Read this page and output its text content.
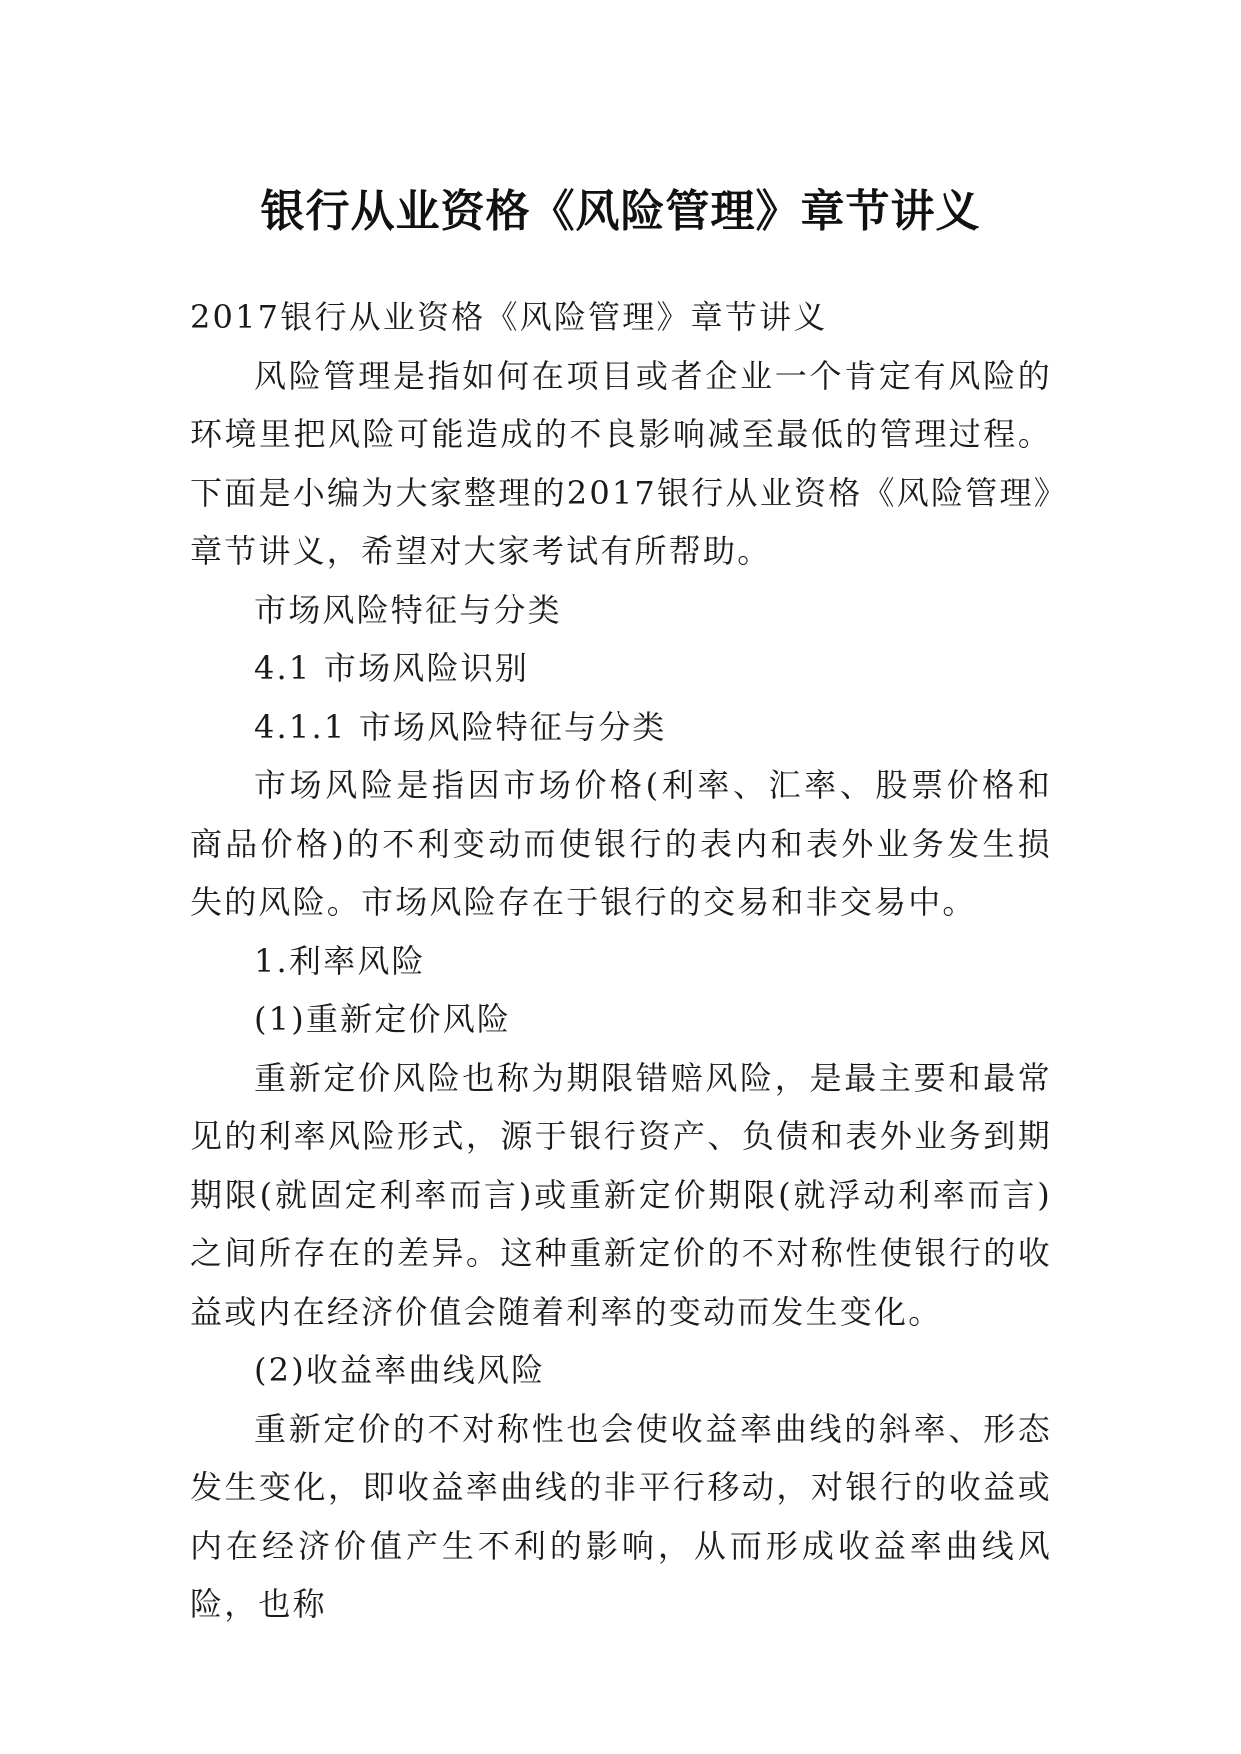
银行从业资格《风险管理》章节讲义

2017银行从业资格《风险管理》章节讲义

风险管理是指如何在项目或者企业一个肯定有风险的环境里把风险可能造成的不良影响减至最低的管理过程。下面是小编为大家整理的2017银行从业资格《风险管理》章节讲义，希望对大家考试有所帮助。

市场风险特征与分类

4.1 市场风险识别

4.1.1 市场风险特征与分类

市场风险是指因市场价格(利率、汇率、股票价格和商品价格)的不利变动而使银行的表内和表外业务发生损失的风险。市场风险存在于银行的交易和非交易中。

1.利率风险

(1)重新定价风险

重新定价风险也称为期限错赔风险，是最主要和最常见的利率风险形式，源于银行资产、负债和表外业务到期期限(就固定利率而言)或重新定价期限(就浮动利率而言)之间所存在的差异。这种重新定价的不对称性使银行的收益或内在经济价值会随着利率的变动而发生变化。

(2)收益率曲线风险

重新定价的不对称性也会使收益率曲线的斜率、形态发生变化，即收益率曲线的非平行移动，对银行的收益或内在经济价值产生不利的影响，从而形成收益率曲线风险，也称
